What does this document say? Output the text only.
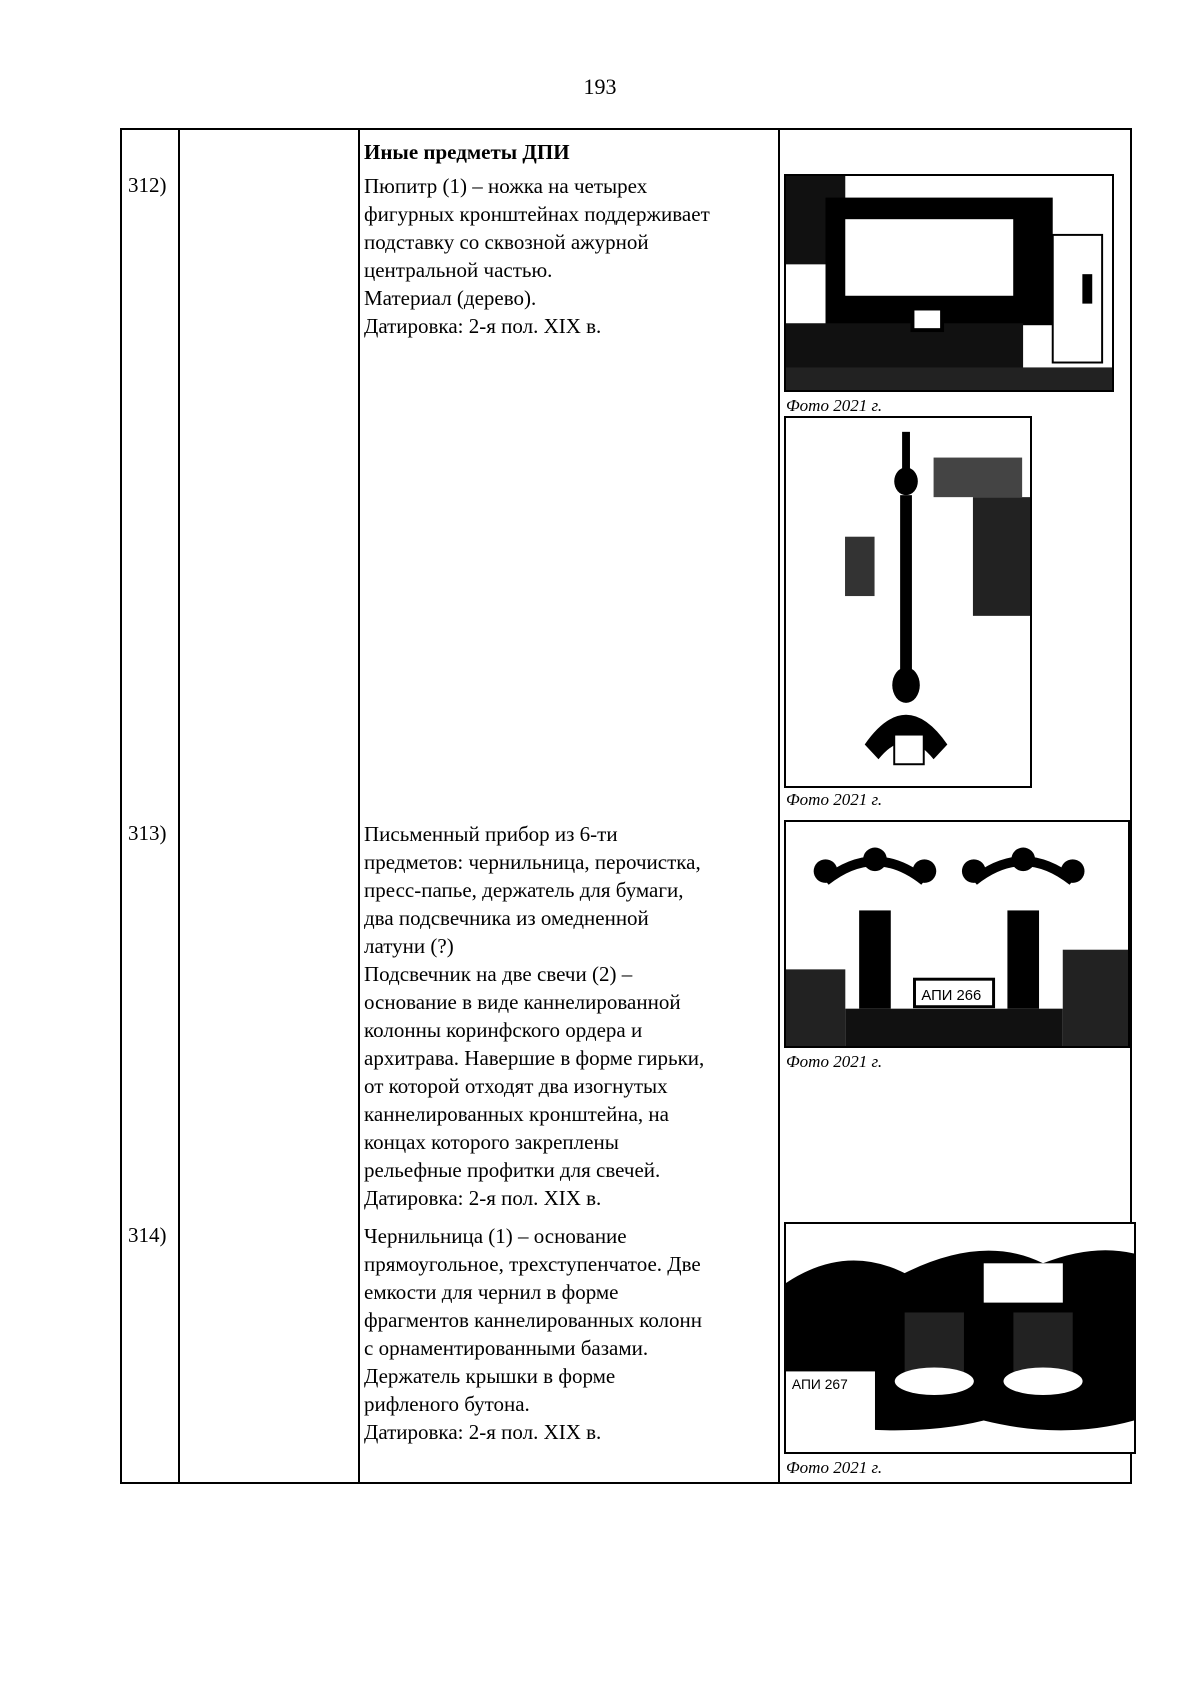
193
Иные предметы ДПИ
312)	Пюпитр (1) – ножка на четырех
фигурных кронштейнах поддерживает
подставку со сквозной ажурной
центральной частью.
Материал (дерево).
Датировка: 2-я пол. XIX в.
АПИ 260
Фото 2021 г.
Фото 2021 г.
313)	Письменный прибор из 6-ти
предметов: чернильница, перочистка,
пресс-папье, держатель для бумаги,
два подсвечника из омедненной
латуни (?)
Подсвечник на две свечи (2) –
основание в виде каннелированной
колонны коринфского ордера и
архитрава. Навершие в форме гирьки,
от которой отходят два изогнутых
каннелированных кронштейна, на
концах которого закреплены
рельефные профитки для свечей.
Датировка: 2-я пол. XIX в.
АПИ 266
Фото 2021 г.
314)	Чернильница (1) – основание
прямоугольное, трехступенчатое. Две
емкости для чернил в форме
фрагментов каннелированных колонн
с орнаментированными базами.
Держатель крышки в форме
рифленого бутона.
Датировка: 2-я пол. XIX в.
АПИ 267
Фото 2021 г.
